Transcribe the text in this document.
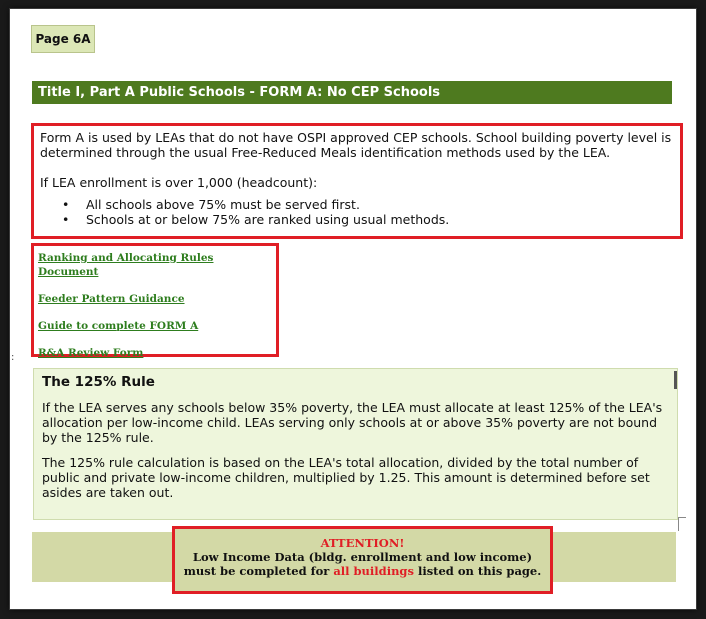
Page 6A
Title I, Part A Public Schools - FORM A: No CEP Schools

Form A is used by LEAs that do not have OSPI approved CEP schools. School building poverty level is determined through the usual Free-Reduced Meals identification methods used by the LEA.

If LEA enrollment is over 1,000 (headcount):

• All schools above 75% must be served first.
• Schools at or below 75% are ranked using usual methods.
Ranking and Allocating Rules Document
Feeder Pattern Guidance
Guide to complete FORM A
R&A Review Form
:
The 125% Rule

If the LEA serves any schools below 35% poverty, the LEA must allocate at least 125% of the LEA's allocation per low-income child. LEAs serving only schools at or above 35% poverty are not bound by the 125% rule.

The 125% rule calculation is based on the LEA's total allocation, divided by the total number of public and private low-income children, multiplied by 1.25. This amount is determined before set asides are taken out.

ATTENTION!
Low Income Data (bldg. enrollment and low income)
must be completed for all buildings listed on this page.
